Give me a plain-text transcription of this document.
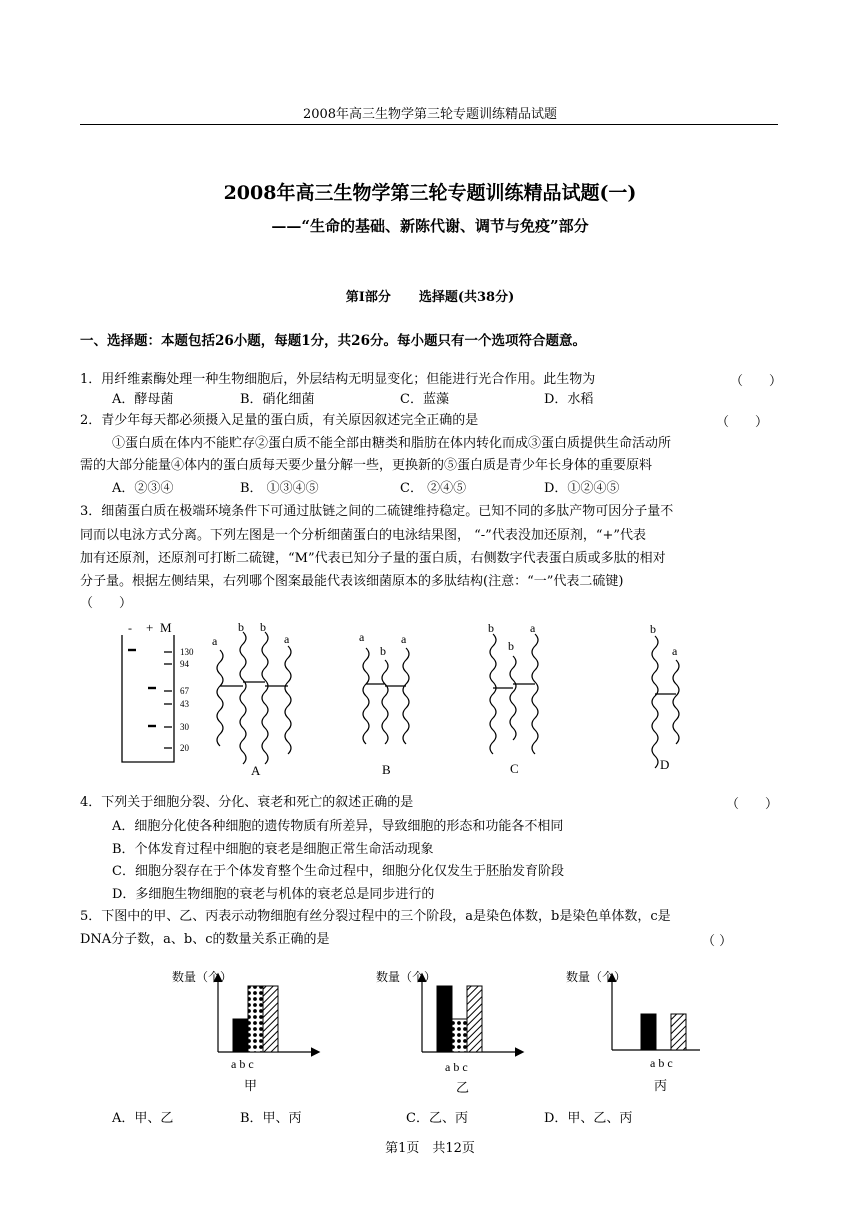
2008年高三生物学第三轮专题训练精品试题
2008年高三生物学第三轮专题训练精品试题(一)
——“生命的基础、新陈代谢、调节与免疫”部分
第Ⅰ部分 选择题(共38分)
一、选择题：本题包括26小题，每题1分，共26分。每小题只有一个选项符合题意。
1．用纤维素酶处理一种生物细胞后，外层结构无明显变化；但能进行光合作用。此生物为	（　　）
A．酵母菌	B．硝化细菌	C．蓝藻	D．水稻
2．青少年每天都必须摄入足量的蛋白质，有关原因叙述完全正确的是	（　　）
①蛋白质在体内不能贮存②蛋白质不能全部由糖类和脂肪在体内转化而成③蛋白质提供生命活动所
需的大部分能量④体内的蛋白质每天要少量分解一些，更换新的⑤蛋白质是青少年长身体的重要原料
A．②③④	B． ①③④⑤	C． ②④⑤	D．①②④⑤
3．细菌蛋白质在极端环境条件下可通过肽链之间的二硫键维持稳定。已知不同的多肽产物可因分子量不
同而以电泳方式分离。下列左图是一个分析细菌蛋白的电泳结果图， “-”代表没加还原剂，“+”代表
加有还原剂，还原剂可打断二硫键，“M”代表已知分子量的蛋白质，右侧数字代表蛋白质或多肽的相对
分子量。根据左侧结果，右列哪个图案最能代表该细菌原本的多肽结构(注意：“一”代表二硫键)
（　　）
- + M
130
94
67
43
30
20
a
b b
a
A
a
b
a
B
b
b
a
C
b
a
D
4．下列关于细胞分裂、分化、衰老和死亡的叙述正确的是	（　　）
A．细胞分化使各种细胞的遗传物质有所差异，导致细胞的形态和功能各不相同
B．个体发育过程中细胞的衰老是细胞正常生命活动现象
C．细胞分裂存在于个体发育整个生命过程中，细胞分化仅发生于胚胎发育阶段
D．多细胞生物细胞的衰老与机体的衰老总是同步进行的
5．下图中的甲、乙、丙表示动物细胞有丝分裂过程中的三个阶段，a是染色体数，b是染色单体数，c是
DNA分子数，a、b、c的数量关系正确的是	（ ）
数量（个）
a b c
甲
数量（个）
a b c
乙
数量（个）
a b c
丙
A．甲、乙	B．甲、丙	C．乙、丙	D．甲、乙、丙
第1页　共12页
